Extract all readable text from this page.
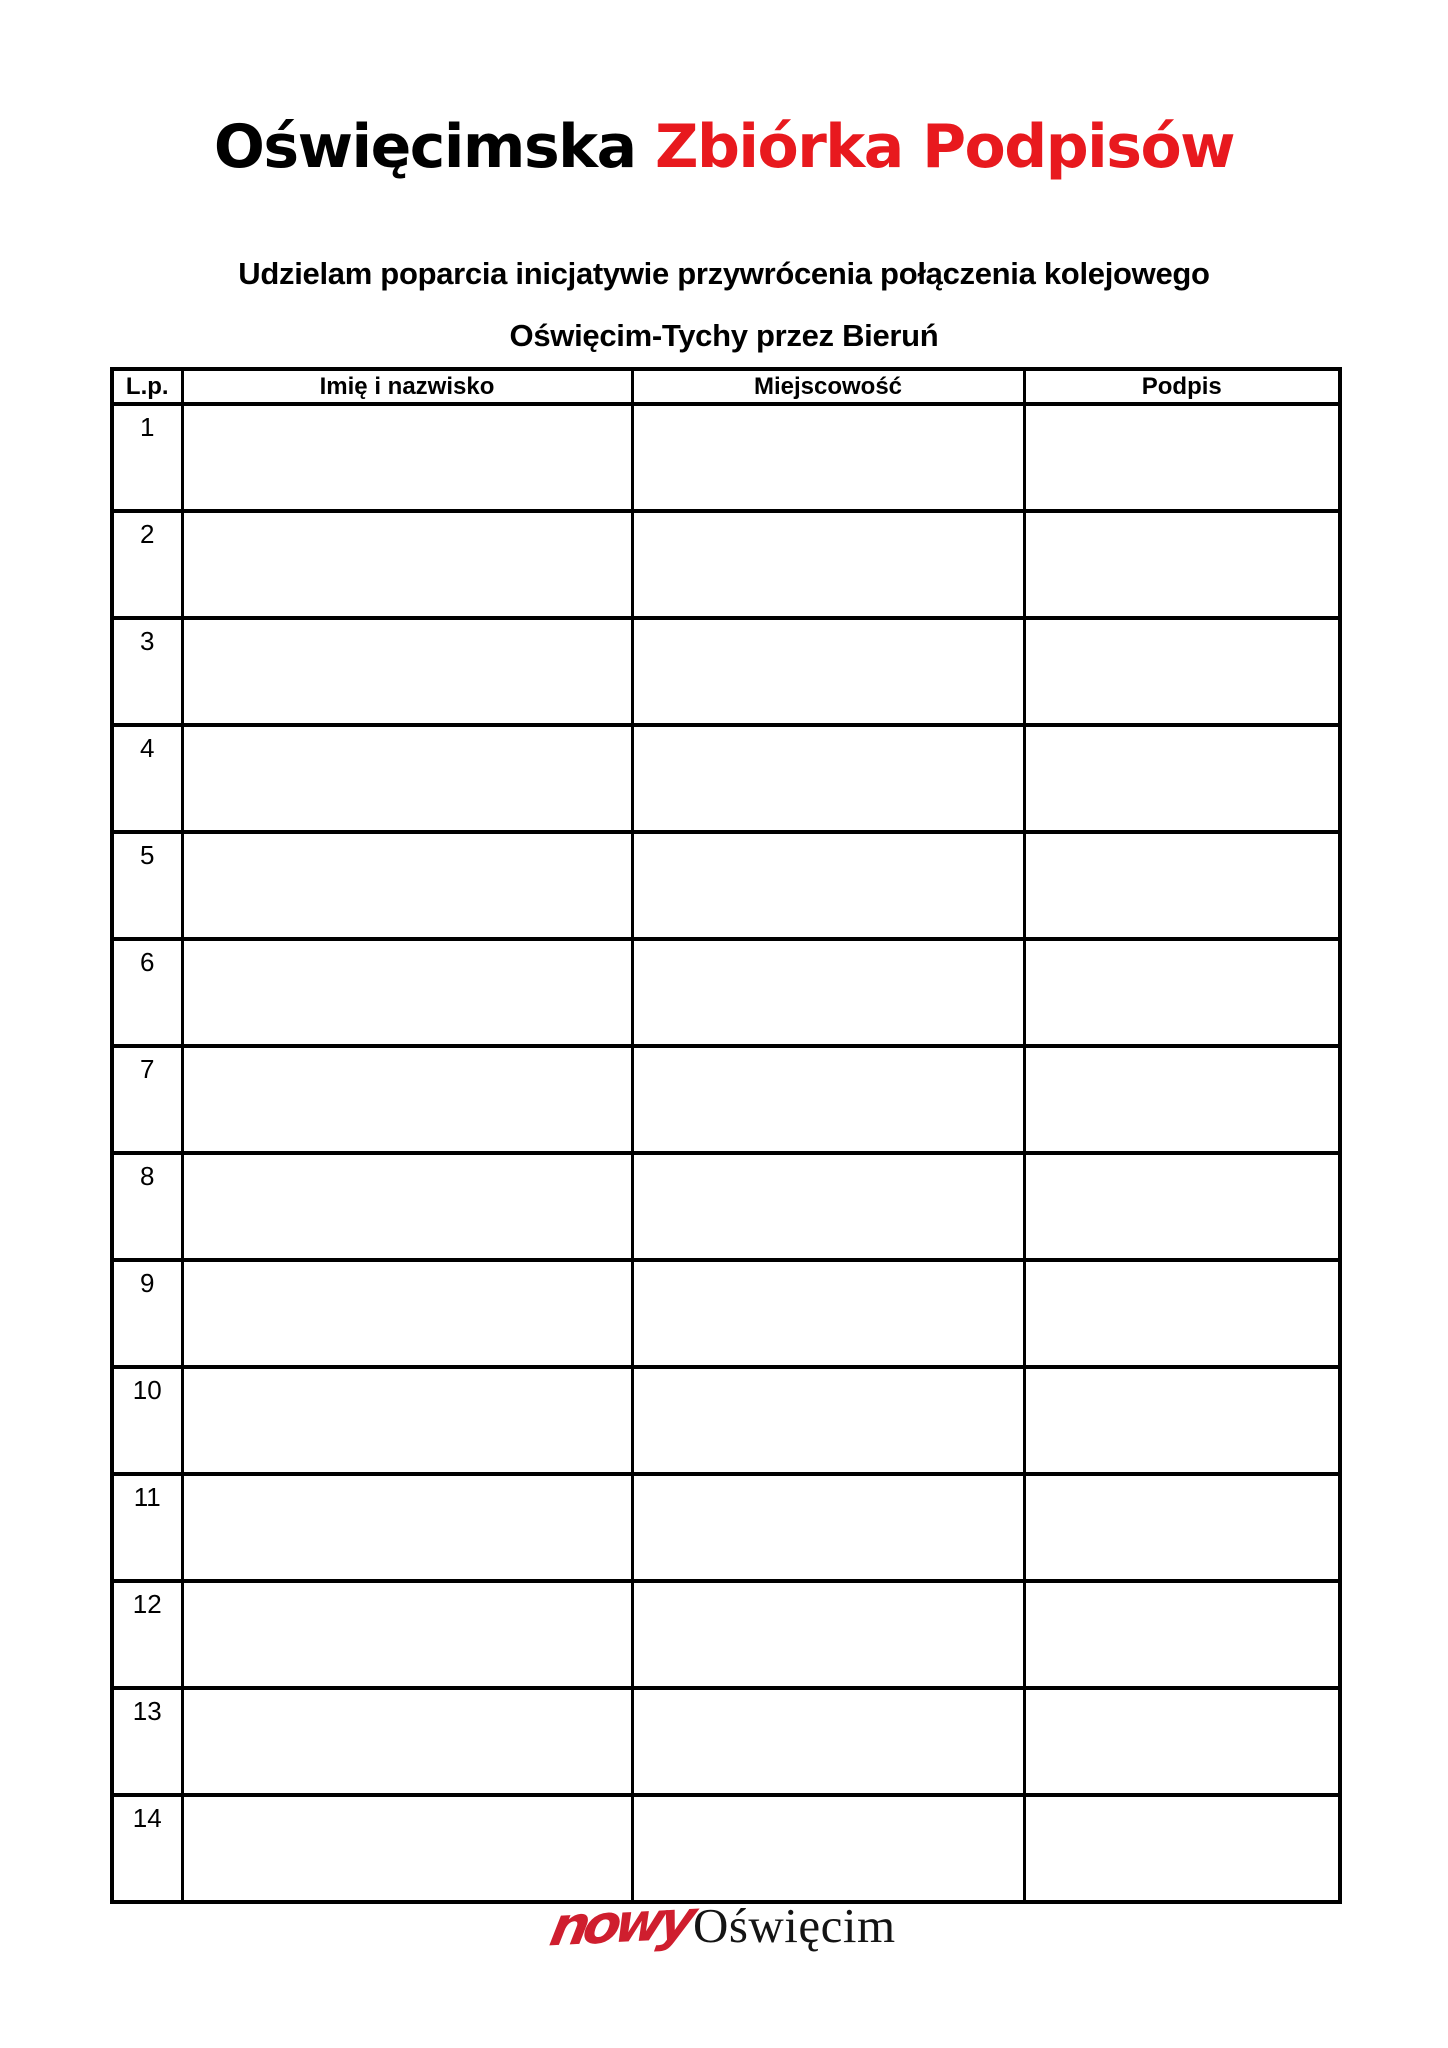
Oświęcimska Zbiórka Podpisów
Udzielam poparcia inicjatywie przywrócenia połączenia kolejowego
Oświęcim-Tychy przez Bieruń
L.p.	Imię i nazwisko	Miejscowość	Podpis
1			
2			
3			
4			
5			
6			
7			
8			
9			
10			
11			
12			
13			
14			
nowyOświęcim
